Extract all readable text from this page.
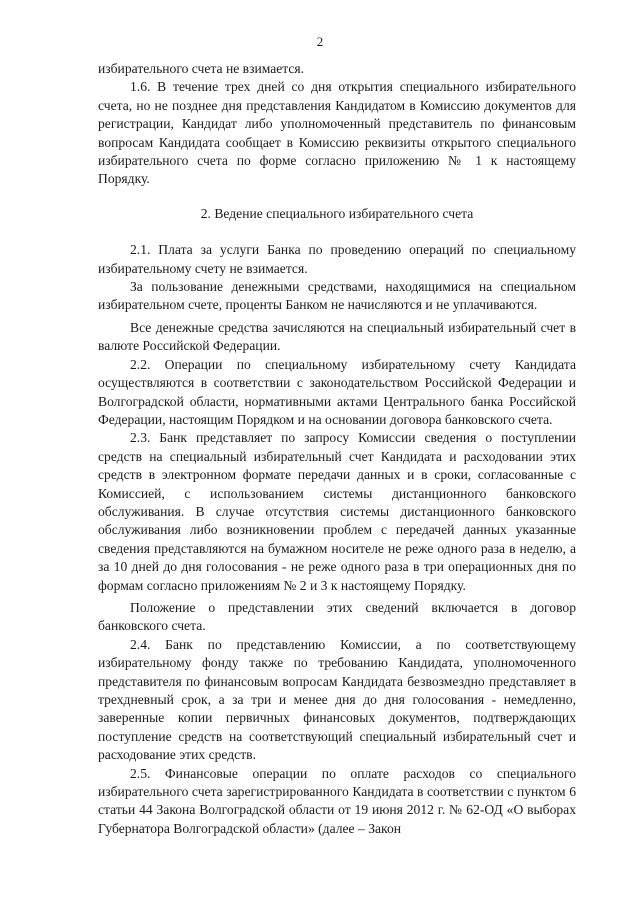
2

избирательного счета не взимается.

1.6. В течение трех дней со дня открытия специального избирательного счета, но не позднее дня представления Кандидатом в Комиссию документов для регистрации, Кандидат либо уполномоченный представитель по финансовым вопросам Кандидата сообщает в Комиссию реквизиты открытого специального избирательного счета по форме согласно приложению № 1 к настоящему Порядку.

2. Ведение специального избирательного счета

2.1. Плата за услуги Банка по проведению операций по специальному избирательному счету не взимается.

За пользование денежными средствами, находящимися на специальном избирательном счете, проценты Банком не начисляются и не уплачиваются.

Все денежные средства зачисляются на специальный избирательный счет в валюте Российской Федерации.

2.2. Операции по специальному избирательному счету Кандидата осуществляются в соответствии с законодательством Российской Федерации и Волгоградской области, нормативными актами Центрального банка Российской Федерации, настоящим Порядком и на основании договора банковского счета.

2.3. Банк представляет по запросу Комиссии сведения о поступлении средств на специальный избирательный счет Кандидата и расходовании этих средств в электронном формате передачи данных и в сроки, согласованные с Комиссией, с использованием системы дистанционного банковского обслуживания. В случае отсутствия системы дистанционного банковского обслуживания либо возникновении проблем с передачей данных указанные сведения представляются на бумажном носителе не реже одного раза в неделю, а за 10 дней до дня голосования - не реже одного раза в три операционных дня по формам согласно приложениям № 2 и 3 к настоящему Порядку.

Положение о представлении этих сведений включается в договор банковского счета.

2.4. Банк по представлению Комиссии, а по соответствующему избирательному фонду также по требованию Кандидата, уполномоченного представителя по финансовым вопросам Кандидата безвозмездно представляет в трехдневный срок, а за три и менее дня до дня голосования - немедленно, заверенные копии первичных финансовых документов, подтверждающих поступление средств на соответствующий специальный избирательный счет и расходование этих средств.

2.5. Финансовые операции по оплате расходов со специального избирательного счета зарегистрированного Кандидата в соответствии с пунктом 6 статьи 44 Закона Волгоградской области от 19 июня 2012 г. № 62-ОД «О выборах Губернатора Волгоградской области» (далее – Закон
